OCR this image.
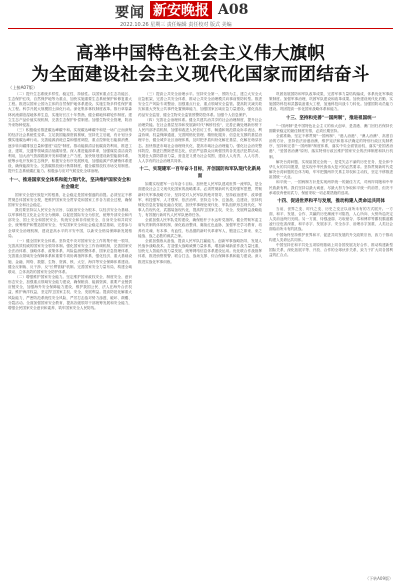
要闻 新安晚报 A08
2022.10.26 星期三 责任编辑 责任校对 版式 美编
高举中国特色社会主义伟大旗帜
为全面建设社会主义现代化国家而团结奋斗
（上接A07版）

（二）提升生态系统多样性、稳定性、持续性。以国家重点生态功能区、生态保护红线、自然保护地等为重点，加快实施重要生态系统保护和修复重大工程。推进以国家公园为主体的自然保护地体系建设。实施生物多样性保护重大工程。科学开展大规模国土绿化行动。深化集体林权制度改革。推行草原森林河流湖泊湿地休养生息，实施好长江十年禁渔，健全耕地休耕轮作制度。建立生态产品价值实现机制，完善生态保护补偿制度。加强生物安全管理，防治外来物种侵害。

（三）积极稳妥推进碳达峰碳中和。实现碳达峰碳中和是一场广泛而深刻的经济社会系统性变革。立足我国能源资源禀赋，坚持先立后破，有计划分步骤实施碳达峰行动。完善能源消耗总量和强度调控，重点控制化石能源消费，逐步转向碳排放总量和强度"双控"制度。推动能源清洁低碳高效利用，推进工业、建筑、交通等领域清洁低碳转型。深入推进能源革命，加强煤炭清洁高效利用，加大油气资源勘探开发和增储上产力度，加快规划建设新型能源体系，统筹水电开发和生态保护，积极安全有序发展核电，加强能源产供储销体系建设，确保能源安全。完善碳排放统计核算制度，健全碳排放权市场交易制度。提升生态系统碳汇能力。积极参与应对气候变化全球治理。

十一、推进国家安全体系和能力现代化，坚决维护国家安全和社会稳定

国家安全是民族复兴的根基，社会稳定是国家强盛的前提。必须坚定不移贯彻总体国家安全观，把维护国家安全贯穿党和国家工作各方面全过程，确保国家安全和社会稳定。

我们要坚持以人民安全为宗旨、以政治安全为根本、以经济安全为基础、以军事科技文化社会安全为保障、以促进国际安全为依托，统筹外部安全和内部安全、国土安全和国民安全、传统安全和非传统安全、自身安全和共同安全，统筹维护和塑造国家安全，夯实国家安全和社会稳定基层基础，完善参与全球安全治理机制，建设更高水平的平安中国，以新安全格局保障新发展格局。

（一）健全国家安全体系。坚持党中央对国家安全工作的集中统一领导，完善高效权威的国家安全领导体制。强化国家安全工作协调机制，完善国家安全法治体系、战略体系、政策体系、风险监测预警体系、国家应急管理体系，完善重点领域安全保障体系和重要专项协调指挥体系，强化经济、重大基础设施、金融、网络、数据、生物、资源、核、太空、海洋等安全保障体系建设。健全反制裁、反干涉、反"长臂管辖"机制。完善国家安全力量布局，构建全域联动、立体高效的国家安全防护体系。

（二）增强维护国家安全能力。坚定维护国家政权安全、制度安全、意识形态安全，加强重点领域安全能力建设，确保粮食、能源资源、重要产业链供应链安全，加强海外安全保障能力建设，维护我国公民、法人在海外合法权益，维护海洋权益，坚定捍卫国家主权、安全、发展利益。提高防范化解重大风险能力，严密防范系统性安全风险，严厉打击敌对势力渗透、破坏、颠覆、分裂活动。全面加强国家安全教育，提高各级领导干部统筹发展和安全能力，增强全民国家安全意识和素养，筑牢国家安全人民防线。

（三）提高公共安全治理水平。坚持安全第一、预防为主，建立大安全大应急框架，完善公共安全体系，推动公共安全治理模式向事前预防转型。推进安全生产风险专项整治，加强重点行业、重点领域安全监管。提高防灾减灾救灾和重大突发公共事件处置保障能力，加强国家区域应急力量建设。强化食品药品安全监管，健全生物安全监管预警防控体系。加强个人信息保护。

（四）完善社会治理体系。健全共建共治共享的社会治理制度，提升社会治理效能。在社会基层坚持和发展新时代"枫桥经验"，完善正确处理新形势下人民内部矛盾机制，加强和改进人民信访工作，畅通和规范群众诉求表达、利益协调、权益保障通道，完善网格化管理、精细化服务、信息化支撑的基层治理平台，健全城乡社区治理体系，及时把矛盾纠纷化解在基层、化解在萌芽状态。加快推进市域社会治理现代化，提高市域社会治理能力。强化社会治安整体防控，推进扫黑除恶常态化，依法严惩群众反映强烈的各类违法犯罪活动。发展壮大群防群治力量，营造见义勇为社会氛围，建设人人有责、人人尽责、人人享有的社会治理共同体。

十二、实现建军一百年奋斗目标，开创国防和军队现代化新局面

如期实现建军一百年奋斗目标，加快把人民军队建成世界一流军队，是全面建设社会主义现代化国家的战略要求。必须贯彻新时代党的强军思想，贯彻新时代军事战略方针，坚持党对人民军队的绝对领导，坚持政治建军、改革强军、科技强军、人才强军、依法治军，坚持边斗争、边备战、边建设，坚持机械化信息化智能化融合发展，加快军事理论现代化、军队组织形态现代化、军事人员现代化、武器装备现代化，提高捍卫国家主权、安全、发展利益战略能力，有效履行新时代人民军队使命任务。

全面加强人民军队党的建设，确保枪杆子永远听党指挥。健全贯彻军委主席负责制的体制机制，深化政治整训，赓续红色血脉，加强军史学习教育，培养有灵魂、有本事、有血性、有品德的新时代革命军人，锻造召之即来、来之能战、战之必胜的威武之师。

全面加强练兵备战，提高人民军队打赢能力。创新军事战略指导，发展人民战争战略战术。打造强大战略威慑力量体系，增加新域新质作战力量比重，加快无人智能作战力量发展，统筹网络信息体系建设运用。优化联合作战指挥体系，推进侦察预警、联合打击、战场支撑、综合保障体系和能力建设。深入推进实战化军事训练。

巩固拓展国防和军队改革成果，完善军事力量结构编成，体系优化军事政策制度。加强军事治理，巩固军队建设和改革成果。加快建设现代化后勤，实施国防科技和武器装备重大工程，加速科技向战斗力转化。加强国防动员能力建设。巩固提高一体化国家战略体系和能力。

十三、坚持和完善"一国两制"，推进祖国统一

"一国两制"是中国特色社会主义的伟大创举，是香港、澳门回归后保持长期繁荣稳定的最佳制度安排，必须长期坚持。

全面准确、坚定不移贯彻"一国两制"、"港人治港"、"澳人治澳"、高度自治的方针，坚持依法治港治澳，维护宪法和基本法确定的特别行政区宪制秩序，坚持和完善"一国两制"制度体系，落实中央全面管治权，落实"爱国者治港"、"爱国者治澳"原则，落实特别行政区维护国家安全的法律制度和执行机制。

解决台湾问题、实现祖国完全统一，是党矢志不渝的历史任务，是全体中华儿女的共同愿望，是实现中华民族伟大复兴的必然要求。坚持贯彻新时代党解决台湾问题的总体方略，牢牢把握两岸关系主导权和主动权，坚定不移推进祖国统一大业。

和平统一、一国两制方针是实现两岸统一的最佳方式，对两岸同胞和中华民族最有利。我们坚持以最大诚意、尽最大努力争取和平统一的前景，但决不承诺放弃使用武力，保留采取一切必要措施的选项。

十四、促进世界和平与发展，推动构建人类命运共同体

当前，世界之变、时代之变、历史之变正以前所未有的方式展开。一方面，和平、发展、合作、共赢的历史潮流不可阻挡，人心所向、大势所趋决定人类前途终归光明。另一方面，恃强凌弱、巧取豪夺、零和博弈等霸权霸道霸凌行径危害深重，和平赤字、发展赤字、安全赤字、治理赤字加重，人类社会面临前所未有的挑战。

中国始终坚持维护世界和平、促进共同发展的外交政策宗旨，致力于推动构建人类命运共同体。

中国坚持在和平共处五项原则基础上同各国发展友好合作，推动构建新型国际关系，深化拓展平等、开放、合作的全球伙伴关系，致力于扩大同各国利益的汇合点。

（下转A09版）
